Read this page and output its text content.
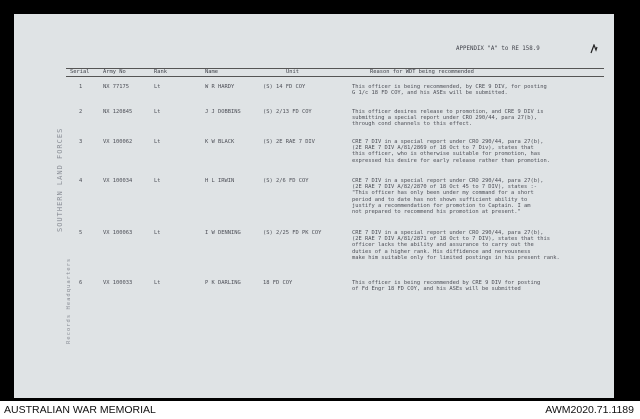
SOUTHERN LAND FORCES
Records Headquarters
APPENDIX "A" to RE 158.9
Serial	Army No	Rank	Name	Unit	Reason for WDT being recommended
1	NX 77175	Lt	W R HARDY	(S) 14 FD COY	This officer is being recommended, by CRE 9 DIV, for posting
G 1/c 18 FD COY, and his ASEs will be submitted.
2	NX 120845	Lt	J J DOBBINS	(S) 2/13 FD COY	This officer desires release to promotion, and CRE 9 DIV is
submitting a special report under CRO 290/44, para 27(b),
through cond channels to this effect.
3	VX 100062	Lt	K W BLACK	(S) 2E RAE 7 DIV	CRE 7 DIV in a special report under CRO 290/44, para 27(b),
(2E RAE 7 DIV A/81/2869 of 18 Oct to 7 Div), states that
this officer, who is otherwise suitable for promotion, has
expressed his desire for early release rather than promotion.
4	VX 100034	Lt	H L IRWIN	(S) 2/6 FD COY	CRE 7 DIV in a special report under CRO 290/44, para 27(b),
(2E RAE 7 DIV A/82/2870 of 18 Oct 45 to 7 DIV), states :-
"This officer has only been under my command for a short
period and to date has not shown sufficient ability to
justify a recommendation for promotion to Captain. I am
not prepared to recommend his promotion at present."
5	VX 100063	Lt	I W DENNING	(S) 2/25 FD PK COY	CRE 7 DIV in a special report under CRO 290/44, para 27(b),
(2E RAE 7 DIV A/81/2871 of 18 Oct to 7 DIV), states that this
officer lacks the ability and assurance to carry out the
duties of a higher rank. His diffidence and nervousness
make him suitable only for limited postings in his present rank.
6	VX 100033	Lt	P K DARLING	18 FD COY	This officer is being recommended by CRE 9 DIV for posting
of Fd Engr 18 FD COY, and his ASEs will be submitted
AUSTRALIAN WAR MEMORIAL	AWM2020.71.1189
